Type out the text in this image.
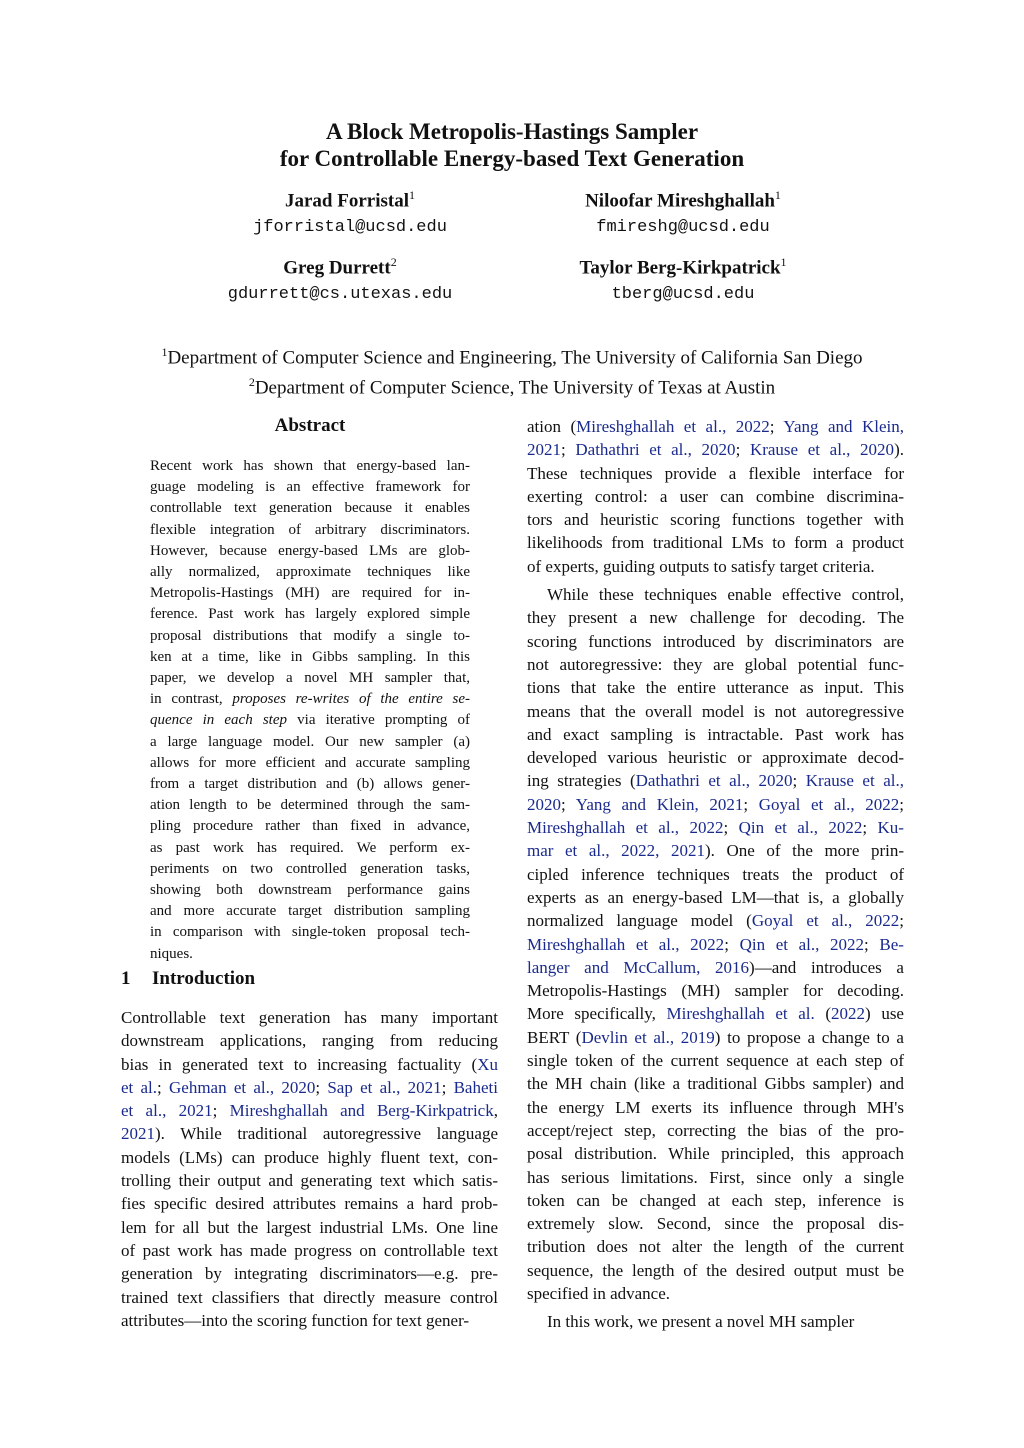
A Block Metropolis-Hastings Sampler
for Controllable Energy-based Text Generation
Jarad Forristal$^1$
jforristal@ucsd.edu
Niloofar Mireshghallah$^1$
fmireshg@ucsd.edu
Greg Durrett$^2$
gdurrett@cs.utexas.edu
Taylor Berg-Kirkpatrick$^1$
tberg@ucsd.edu
$^1$Department of Computer Science and Engineering, The University of California San Diego
$^2$Department of Computer Science, The University of Texas at Austin
Abstract
Recent work has shown that energy-based lan-
guage modeling is an effective framework for
controllable text generation because it enables
flexible integration of arbitrary discriminators.
However, because energy-based LMs are glob-
ally normalized, approximate techniques like
Metropolis-Hastings (MH) are required for in-
ference. Past work has largely explored simple
proposal distributions that modify a single to-
ken at a time, like in Gibbs sampling. In this
paper, we develop a novel MH sampler that,
in contrast, proposes re-writes of the entire se-
quence in each step via iterative prompting of
a large language model. Our new sampler (a)
allows for more efficient and accurate sampling
from a target distribution and (b) allows gener-
ation length to be determined through the sam-
pling procedure rather than fixed in advance,
as past work has required. We perform ex-
periments on two controlled generation tasks,
showing both downstream performance gains
and more accurate target distribution sampling
in comparison with single-token proposal tech-
niques.
1 Introduction
Controllable text generation has many important
downstream applications, ranging from reducing
bias in generated text to increasing factuality (Xu
et al.; Gehman et al., 2020; Sap et al., 2021; Baheti
et al., 2021; Mireshghallah and Berg-Kirkpatrick,
2021). While traditional autoregressive language
models (LMs) can produce highly fluent text, con-
trolling their output and generating text which satis-
fies specific desired attributes remains a hard prob-
lem for all but the largest industrial LMs. One line
of past work has made progress on controllable text
generation by integrating discriminators—e.g. pre-
trained text classifiers that directly measure control
attributes—into the scoring function for text gener-
ation (Mireshghallah et al., 2022; Yang and Klein,
2021; Dathathri et al., 2020; Krause et al., 2020).
These techniques provide a flexible interface for
exerting control: a user can combine discrimina-
tors and heuristic scoring functions together with
likelihoods from traditional LMs to form a product
of experts, guiding outputs to satisfy target criteria.
While these techniques enable effective control,
they present a new challenge for decoding. The
scoring functions introduced by discriminators are
not autoregressive: they are global potential func-
tions that take the entire utterance as input. This
means that the overall model is not autoregressive
and exact sampling is intractable. Past work has
developed various heuristic or approximate decod-
ing strategies (Dathathri et al., 2020; Krause et al.,
2020; Yang and Klein, 2021; Goyal et al., 2022;
Mireshghallah et al., 2022; Qin et al., 2022; Ku-
mar et al., 2022, 2021). One of the more prin-
cipled inference techniques treats the product of
experts as an energy-based LM—that is, a globally
normalized language model (Goyal et al., 2022;
Mireshghallah et al., 2022; Qin et al., 2022; Be-
langer and McCallum, 2016)—and introduces a
Metropolis-Hastings (MH) sampler for decoding.
More specifically, Mireshghallah et al. (2022) use
BERT (Devlin et al., 2019) to propose a change to a
single token of the current sequence at each step of
the MH chain (like a traditional Gibbs sampler) and
the energy LM exerts its influence through MH's
accept/reject step, correcting the bias of the pro-
posal distribution. While principled, this approach
has serious limitations. First, since only a single
token can be changed at each step, inference is
extremely slow. Second, since the proposal dis-
tribution does not alter the length of the current
sequence, the length of the desired output must be
specified in advance.
In this work, we present a novel MH sampler
